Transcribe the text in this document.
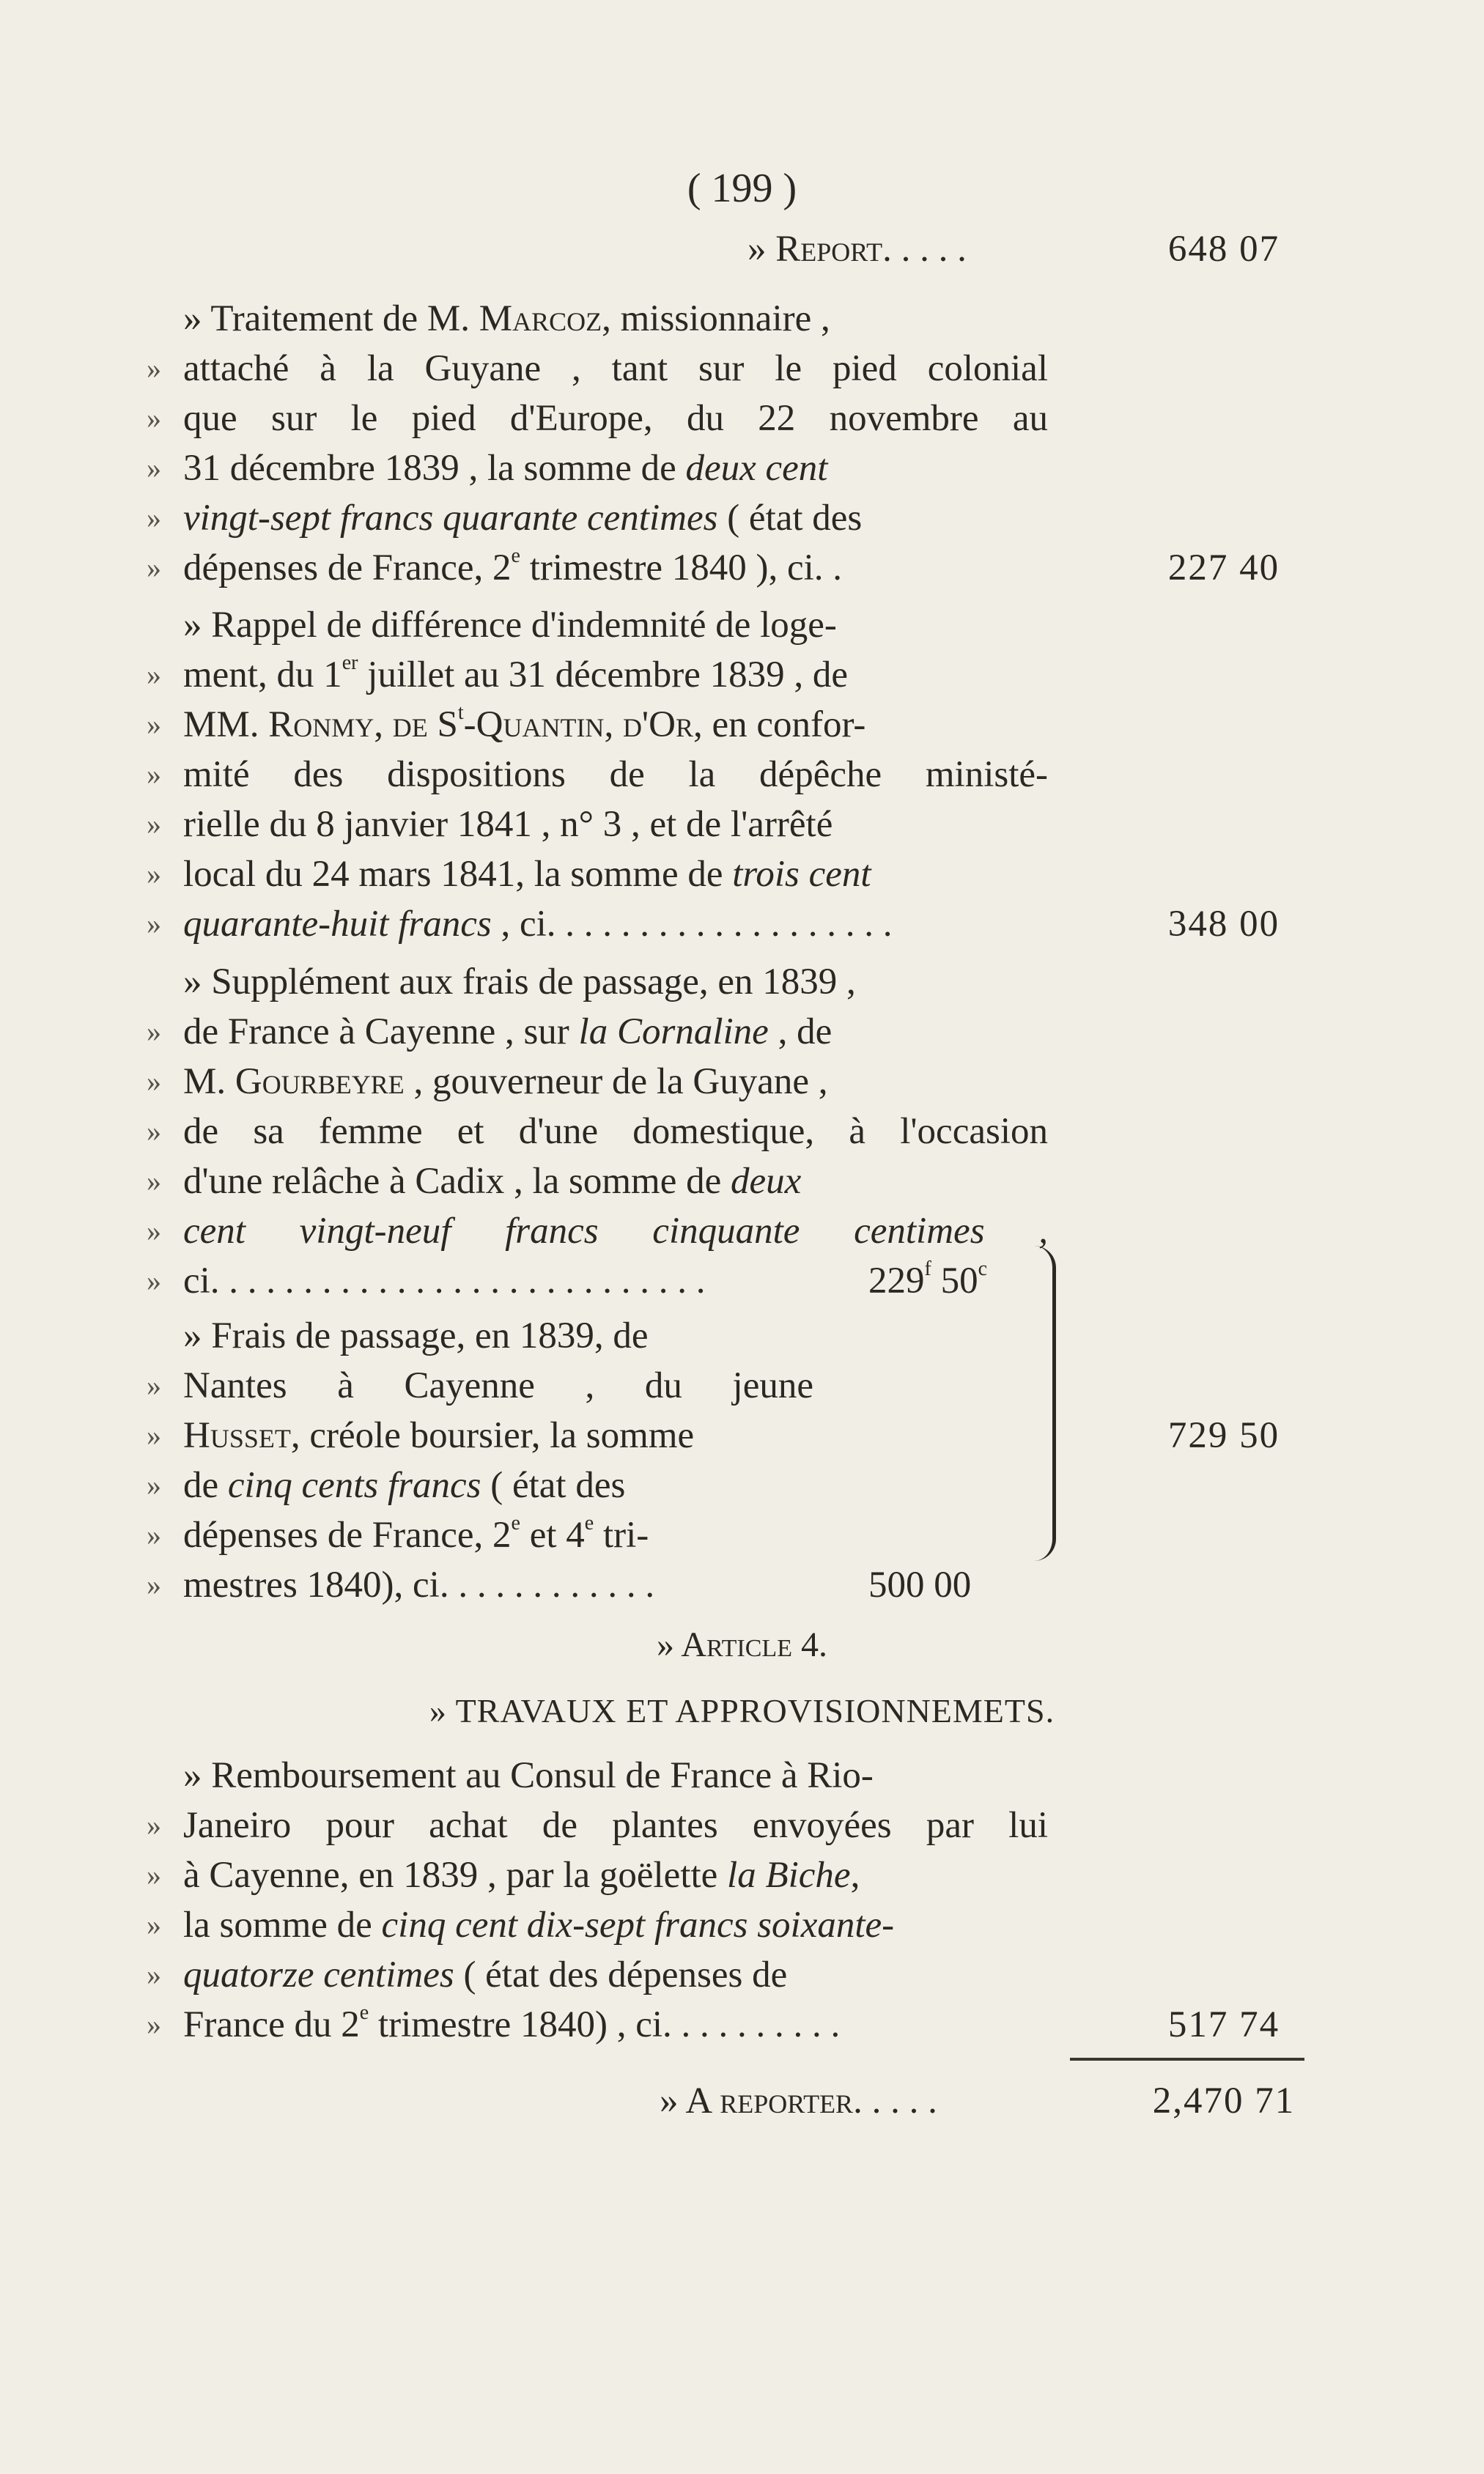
( 199 )
» Report. . . . .	648 07
» Traitement de M. Marcoz, missionnaire ,
» attaché à la Guyane , tant sur le pied colonial
» que sur le pied d'Europe, du 22 novembre au
» 31 décembre 1839 , la somme de deux cent
» vingt-sept francs quarante centimes ( état des
» dépenses de France, 2e trimestre 1840 ), ci. .	227 40
» Rappel de différence d'indemnité de loge-
» ment, du 1er juillet au 31 décembre 1839 , de
» MM. Ronmy, de $S^t$-Quantin, d'Or, en confor-
» mité des dispositions de la dépêche ministé-
» rielle du 8 janvier 1841 , n° 3 , et de l'arrêté
» local du 24 mars 1841, la somme de trois cent
» quarante-huit francs , ci. . . . . . . . . . . . . . . . . . .	348 00
» Supplément aux frais de passage, en 1839 ,
» de France à Cayenne , sur la Cornaline , de
» M. Gourbeyre , gouverneur de la Guyane ,
» de sa femme et d'une domestique, à l'occasion
» d'une relâche à Cadix , la somme de deux
» cent vingt-neuf francs cinquante centimes ,
» ci. . . . . . . . . . . . . . . . . . . . . . . . . . .	229$^f$ 50$^c$
» Frais de passage, en 1839, de
» Nantes à Cayenne , du jeune
» Husset, créole boursier, la somme	729 50
» de cinq cents francs ( état des
» dépenses de France, 2e et 4e tri-
» mestres 1840), ci. . . . . . . . . . . .	500 00
» Article 4.
» TRAVAUX ET APPROVISIONNEMETS.
» Remboursement au Consul de France à Rio-
» Janeiro pour achat de plantes envoyées par lui
» à Cayenne, en 1839 , par la goëlette la Biche,
» la somme de cinq cent dix-sept francs soixante-
» quatorze centimes ( état des dépenses de
» France du 2e trimestre 1840) , ci. . . . . . . . . .	517 74
» A reporter. . . . .	2,470 71
